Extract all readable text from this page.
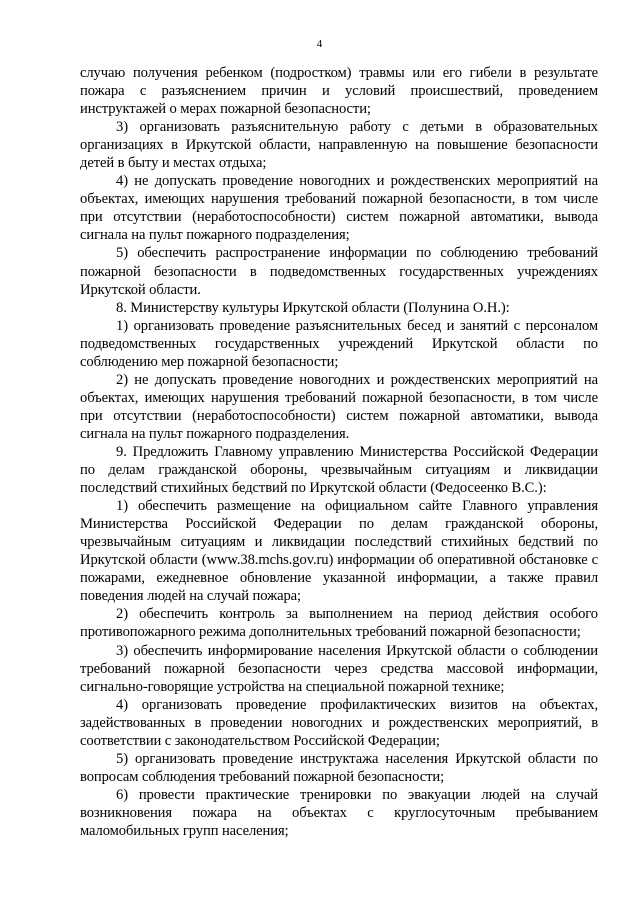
4

случаю получения ребенком (подростком) травмы или его гибели в результате пожара с разъяснением причин и условий происшествий, проведением инструктажей о мерах пожарной безопасности;

3) организовать разъяснительную работу с детьми в образовательных организациях в Иркутской области, направленную на повышение безопасности детей в быту и местах отдыха;

4) не допускать проведение новогодних и рождественских мероприятий на объектах, имеющих нарушения требований пожарной безопасности, в том числе при отсутствии (неработоспособности) систем пожарной автоматики, вывода сигнала на пульт пожарного подразделения;

5) обеспечить распространение информации по соблюдению требований пожарной безопасности в подведомственных государственных учреждениях Иркутской области.

8. Министерству культуры Иркутской области (Полунина О.Н.):

1) организовать проведение разъяснительных бесед и занятий с персоналом подведомственных государственных учреждений Иркутской области по соблюдению мер пожарной безопасности;

2) не допускать проведение новогодних и рождественских мероприятий на объектах, имеющих нарушения требований пожарной безопасности, в том числе при отсутствии (неработоспособности) систем пожарной автоматики, вывода сигнала на пульт пожарного подразделения.

9. Предложить Главному управлению Министерства Российской Федерации по делам гражданской обороны, чрезвычайным ситуациям и ликвидации последствий стихийных бедствий по Иркутской области (Федосеенко В.С.):

1) обеспечить размещение на официальном сайте Главного управления Министерства Российской Федерации по делам гражданской обороны, чрезвычайным ситуациям и ликвидации последствий стихийных бедствий по Иркутской области (www.38.mchs.gov.ru) информации об оперативной обстановке с пожарами, ежедневное обновление указанной информации, а также правил поведения людей на случай пожара;

2) обеспечить контроль за выполнением на период действия особого противопожарного режима дополнительных требований пожарной безопасности;

3) обеспечить информирование населения Иркутской области о соблюдении требований пожарной безопасности через средства массовой информации, сигнально-говорящие устройства на специальной пожарной технике;

4) организовать проведение профилактических визитов на объектах, задействованных в проведении новогодних и рождественских мероприятий, в соответствии с законодательством Российской Федерации;

5) организовать проведение инструктажа населения Иркутской области по вопросам соблюдения требований пожарной безопасности;

6) провести практические тренировки по эвакуации людей на случай возникновения пожара на объектах с круглосуточным пребыванием маломобильных групп населения;
